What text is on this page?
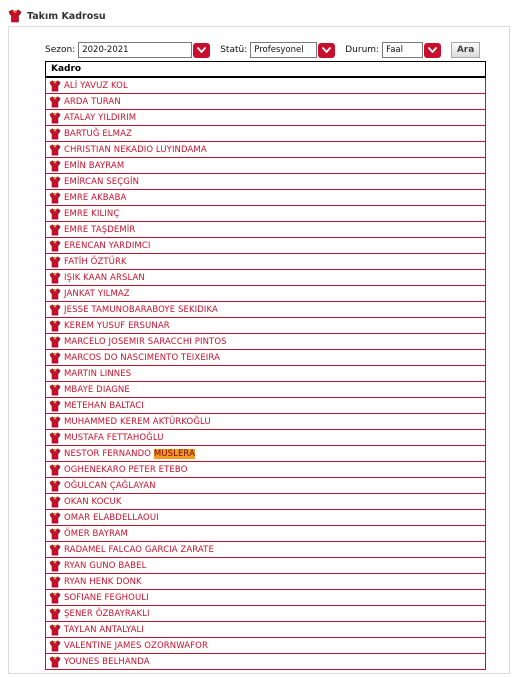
Takım Kadrosu
Sezon: 2020-2021	Statü: Profesyonel	Durum: Faal	Ara
Kadro
ALİ YAVUZ KOL
ARDA TURAN
ATALAY YILDIRIM
BARTUĞ ELMAZ
CHRISTIAN NEKADIO LUYINDAMA
EMİN BAYRAM
EMİRCAN SEÇGİN
EMRE AKBABA
EMRE KILINÇ
EMRE TAŞDEMİR
ERENCAN YARDIMCI
FATİH ÖZTÜRK
IŞIK KAAN ARSLAN
JANKAT YILMAZ
JESSE TAMUNOBARABOYE SEKIDIKA
KEREM YUSUF ERSUNAR
MARCELO JOSEMIR SARACCHI PINTOS
MARCOS DO NASCIMENTO TEIXEIRA
MARTIN LINNES
MBAYE DIAGNE
METEHAN BALTACI
MUHAMMED KEREM AKTÜRKOĞLU
MUSTAFA FETTAHOĞLU
NESTOR FERNANDO MUSLERA
OGHENEKARO PETER ETEBO
OĞULCAN ÇAĞLAYAN
OKAN KOCUK
OMAR ELABDELLAOUI
ÖMER BAYRAM
RADAMEL FALCAO GARCIA ZARATE
RYAN GUNO BABEL
RYAN HENK DONK
SOFIANE FEGHOULI
ŞENER ÖZBAYRAKLI
TAYLAN ANTALYALI
VALENTINE JAMES OZORNWAFOR
YOUNES BELHANDA
